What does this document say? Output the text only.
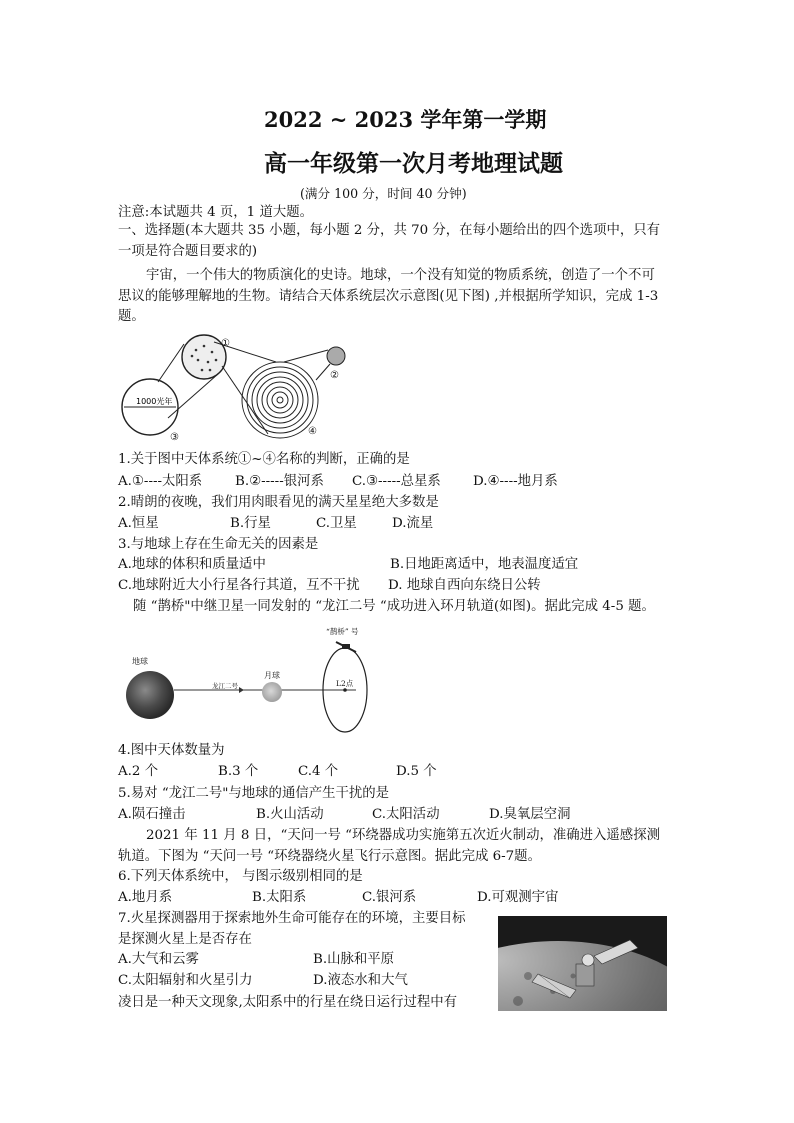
2022 ~ 2023 学年第一学期
高一年级第一次月考地理试题
(满分 100 分，时间 40 分钟)
注意:本试题共 4 页，1 道大题。
一、选择题(本大题共 35 小题，每小题 2 分，共 70 分，在每小题给出的四个选项中，只有
一项是符合题目要求的)
宇宙，一个伟大的物质演化的史诗。地球，一个没有知觉的物质系统，创造了一个不可
思议的能够理解地的生物。请结合天体系统层次示意图(见下图) ,并根据所学知识，完成 1-3
题。
1000光年
①
②
③
④
1.关于图中天体系统①~④名称的判断，正确的是
A.①----太阳系 B.②-----银河系 C.③-----总星系 D.④----地月系
2.晴朗的夜晚，我们用肉眼看见的满天星星绝大多数是
A.恒星	B.行星	C.卫星	D.流星
3.与地球上存在生命无关的因素是
A.地球的体积和质量适中	B.日地距离适中，地表温度适宜
C.地球附近大小行星各行其道，互不干扰 D. 地球自西向东绕日公转
随 “鹊桥"中继卫星一同发射的 “龙江二号 “成功进入环月轨道(如图)。据此完成 4-5 题。
地球
龙江二号
月球
“鹊桥” 号
L2点
4.图中天体数量为
A.2 个	B.3 个	C.4 个	D.5 个
5.易对 “龙江二号"与地球的通信产生干扰的是
A.陨石撞击	B.火山活动	C.太阳活动	D.臭氧层空洞
2021 年 11 月 8 日，“天问一号 “环绕器成功实施第五次近火制动，准确进入遥感探测
轨道。下图为 “天问一号 “环绕器绕火星飞行示意图。据此完成 6-7题。
6.下列天体系统中， 与图示级别相同的是
A.地月系	B.太阳系	C.银河系	D.可观测宇宙
7.火星探测器用于探索地外生命可能存在的环境，主要目标
是探测火星上是否存在
A.大气和云雾	B.山脉和平原
C.太阳辐射和火星引力	D.液态水和大气
凌日是一种天文现象,太阳系中的行星在绕日运行过程中有
